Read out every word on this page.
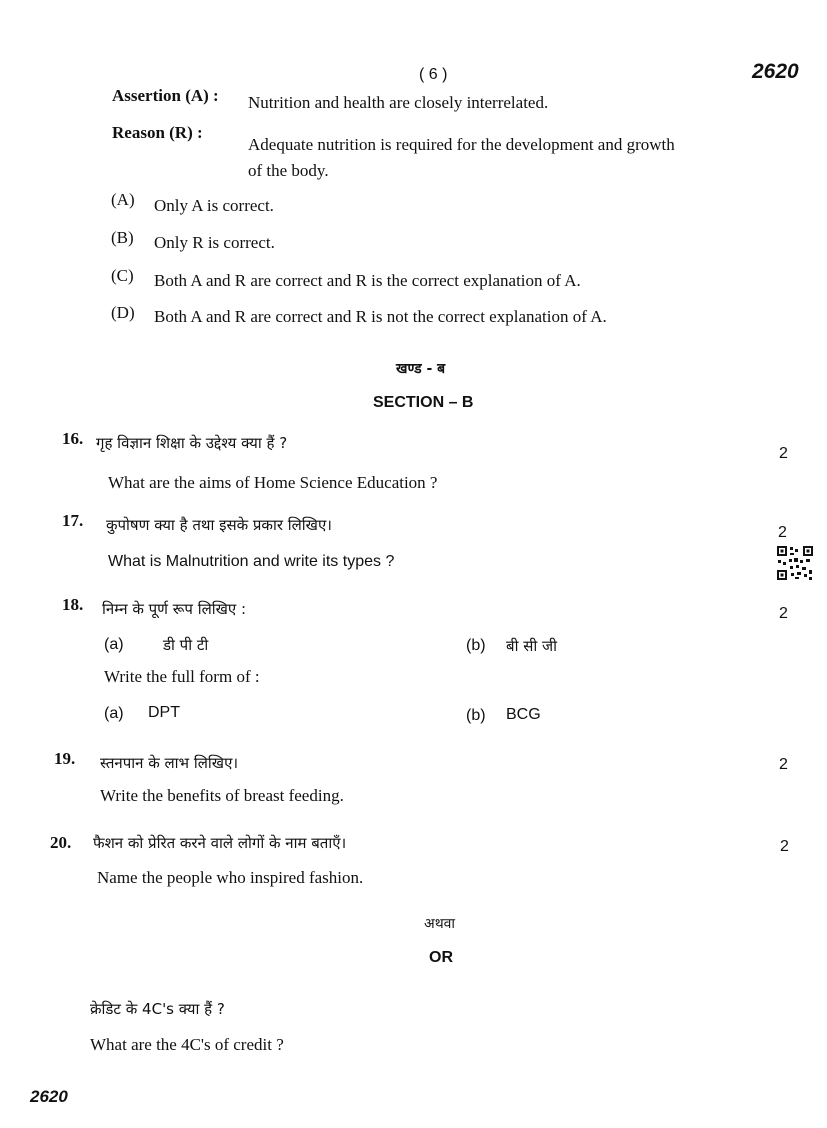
( 6 )	2620
Assertion (A) : Nutrition and health are closely interrelated.
Reason (R) :
Adequate nutrition is required for the development and growth
of the body.
(A) Only A is correct.
(B) Only R is correct.
(C) Both A and R are correct and R is the correct explanation of A.
(D) Both A and R are correct and R is not the correct explanation of A.
खण्ड - ब
SECTION – B
16. गृह विज्ञान शिक्षा के उद्देश्य क्या हैं ?
What are the aims of Home Science Education ?
2
17. कुपोषण क्या है तथा इसके प्रकार लिखिए।
What is Malnutrition and write its types ?
2
18. निम्न के पूर्ण रूप लिखिए :	2
(a)	डी पी टी	(b) बी सी जी
Write the full form of :
(a) DPT	(b) BCG
19. स्तनपान के लाभ लिखिए।
Write the benefits of breast feeding.
2
20. फैशन को प्रेरित करने वाले लोगों के नाम बताएँ।
Name the people who inspired fashion.
2
अथवा
OR
क्रेडिट के 4C's क्या हैं ?
What are the 4C's of credit ?
2620
